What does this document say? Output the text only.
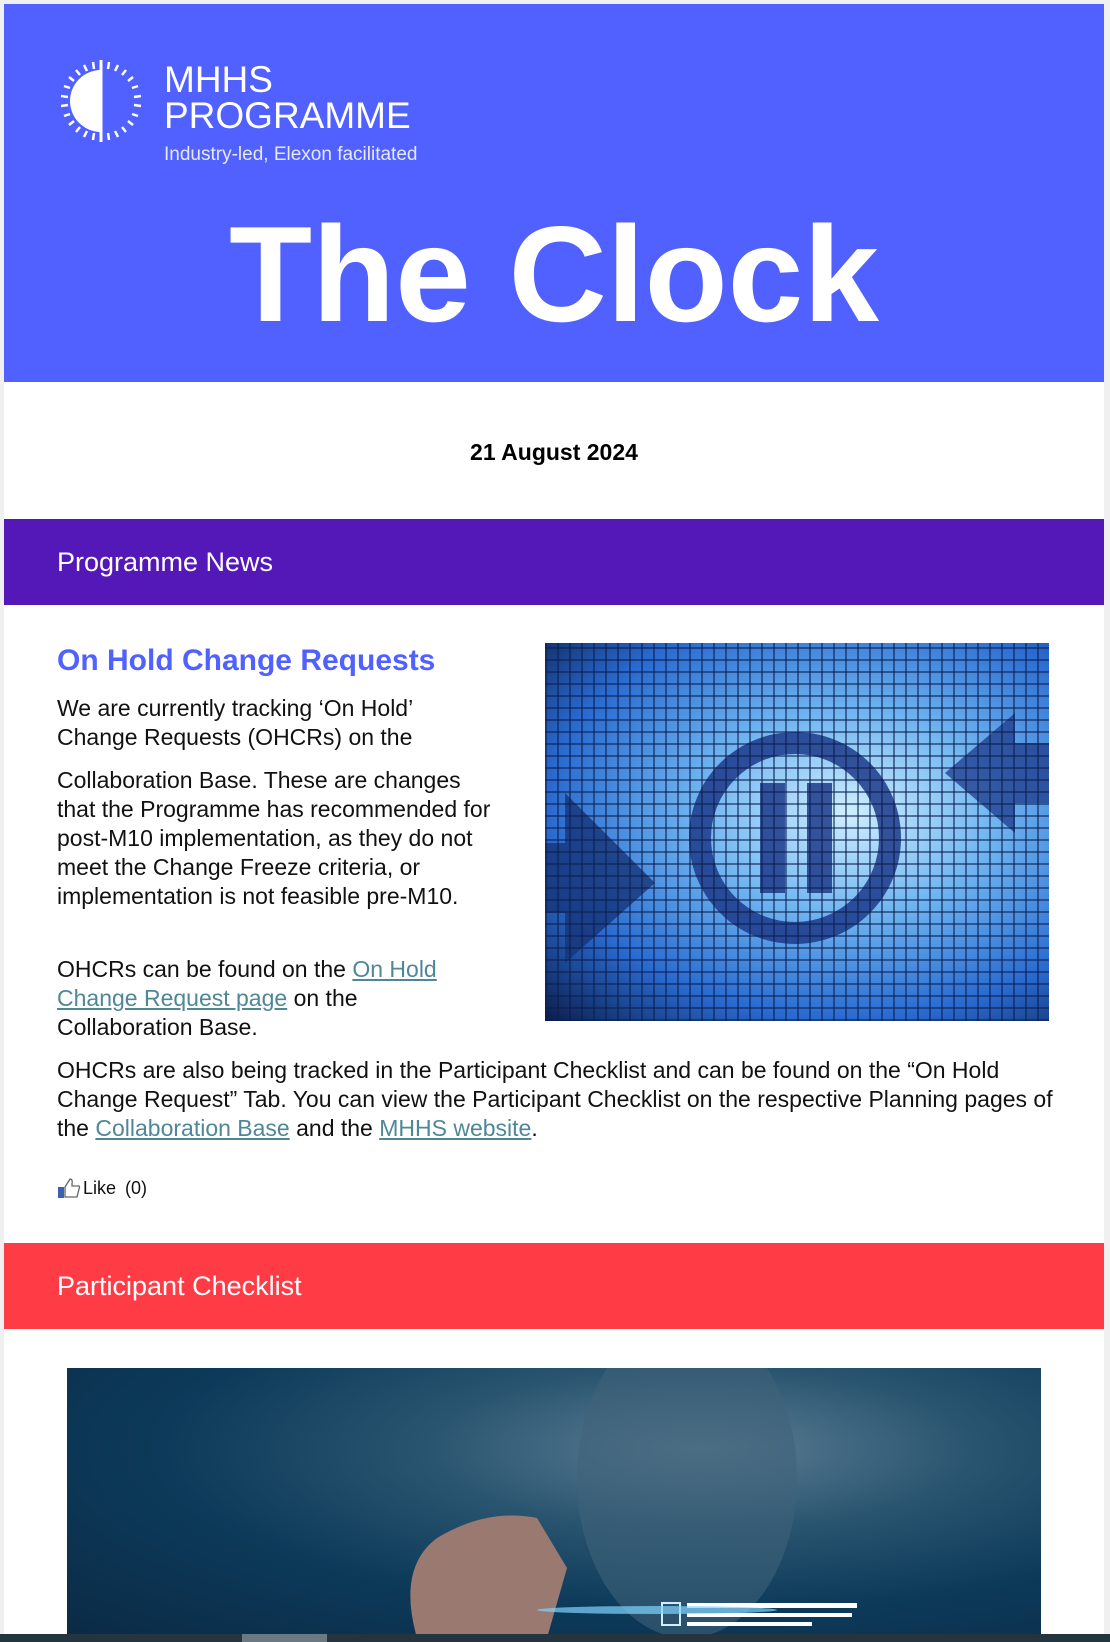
MHHS
PROGRAMME
Industry-led, Elexon facilitated
The Clock
21 August 2024
Programme News
On Hold Change Requests
We are currently tracking ‘On Hold’ Change Requests (OHCRs) on the
Collaboration Base. These are changes that the Programme has recommended for post-M10 implementation, as they do not meet the Change Freeze criteria, or implementation is not feasible pre-M10.
OHCRs can be found on the On Hold Change Request page on the Collaboration Base.
OHCRs are also being tracked in the Participant Checklist and can be found on the “On Hold Change Request” Tab. You can view the Participant Checklist on the respective Planning pages of the Collaboration Base and the MHHS website.
Like
(0)
Participant Checklist
